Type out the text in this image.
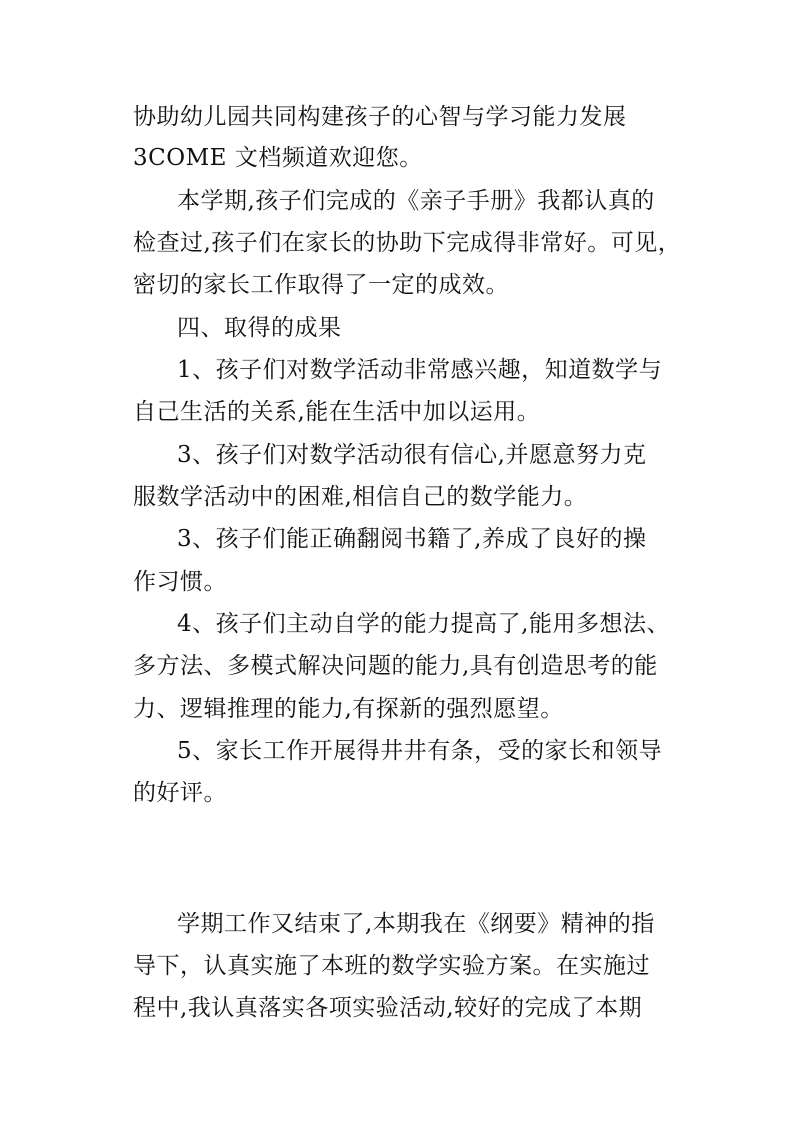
协助幼儿园共同构建孩子的心智与学习能力发展
3COME 文档频道欢迎您。
本学期,孩子们完成的《亲子手册》我都认真的
检查过,孩子们在家长的协助下完成得非常好。可见，
密切的家长工作取得了一定的成效。
四、取得的成果
1、孩子们对数学活动非常感兴趣，知道数学与
自己生活的关系,能在生活中加以运用。
3、孩子们对数学活动很有信心,并愿意努力克
服数学活动中的困难,相信自己的数学能力。
3、孩子们能正确翻阅书籍了,养成了良好的操
作习惯。
4、孩子们主动自学的能力提高了,能用多想法、
多方法、多模式解决问题的能力,具有创造思考的能
力、逻辑推理的能力,有探新的强烈愿望。
5、家长工作开展得井井有条，受的家长和领导
的好评。
学期工作又结束了,本期我在《纲要》精神的指
导下，认真实施了本班的数学实验方案。在实施过
程中,我认真落实各项实验活动,较好的完成了本期
